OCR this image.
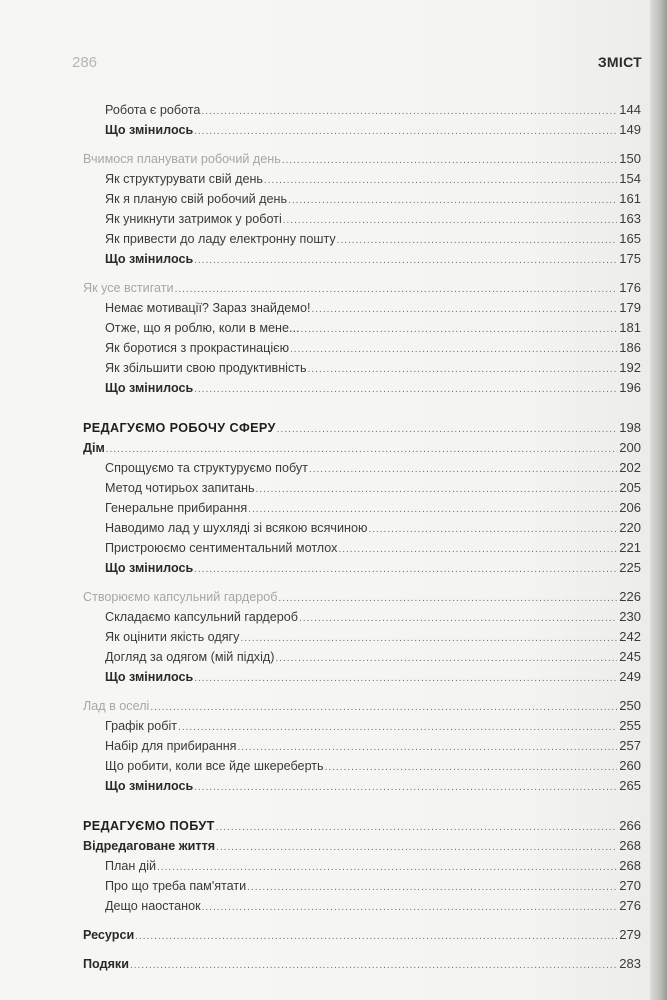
286	ЗМІСТ
Робота є робота .....	144
Що змінилось .....	149
Вчимося планувати робочий день .....	150
Як структурувати свій день .....	154
Як я планую свій робочий день .....	161
Як уникнути затримок у роботі .....	163
Як привести до ладу електронну пошту .....	165
Що змінилось .....	175
Як усе встигати .....	176
Немає мотивації? Зараз знайдемо! .....	179
Отже, що я роблю, коли в мене... .....	181
Як боротися з прокрастинацією .....	186
Як збільшити свою продуктивність .....	192
Що змінилось .....	196
РЕДАГУЄМО РОБОЧУ СФЕРУ .....	198
Дім .....	200
Спрощуємо та структуруємо побут .....	202
Метод чотирьох запитань .....	205
Генеральне прибирання .....	206
Наводимо лад у шухляді зі всякою всячиною .....	220
Пристроюємо сентиментальний мотлох .....	221
Що змінилось .....	225
Створюємо капсульний гардероб .....	226
Складаємо капсульний гардероб .....	230
Як оцінити якість одягу .....	242
Догляд за одягом (мій підхід) .....	245
Що змінилось .....	249
Лад в оселі .....	250
Графік робіт .....	255
Набір для прибирання .....	257
Що робити, коли все йде шкереберть .....	260
Що змінилось .....	265
РЕДАГУЄМО ПОБУТ .....	266
Відредаговане життя .....	268
План дій .....	268
Про що треба пам'ятати .....	270
Дещо наостанок .....	276
Ресурси .....	279
Подяки .....	283
